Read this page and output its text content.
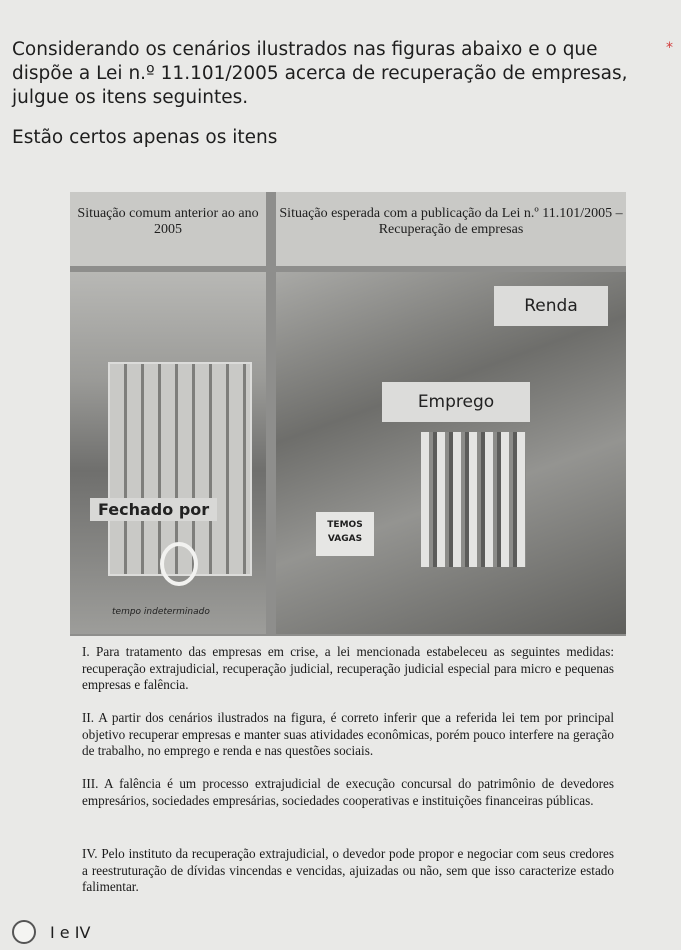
Considerando os cenários ilustrados nas figuras abaixo e o que dispõe a Lei n.º 11.101/2005 acerca de recuperação de empresas, julgue os itens seguintes.
*
Estão certos apenas os itens
Situação comum anterior ao ano 2005
Situação esperada com a publicação da Lei n.º 11.101/2005 – Recuperação de empresas
Fechado por
tempo indeterminado
Renda
Emprego
TEMOS VAGAS
I. Para tratamento das empresas em crise, a lei mencionada estabeleceu as seguintes medidas: recuperação extrajudicial, recuperação judicial, recuperação judicial especial para micro e pequenas empresas e falência.
II. A partir dos cenários ilustrados na figura, é correto inferir que a referida lei tem por principal objetivo recuperar empresas e manter suas atividades econômicas, porém pouco interfere na geração de trabalho, no emprego e renda e nas questões sociais.
III. A falência é um processo extrajudicial de execução concursal do patrimônio de devedores empresários, sociedades empresárias, sociedades cooperativas e instituições financeiras públicas.
IV. Pelo instituto da recuperação extrajudicial, o devedor pode propor e negociar com seus credores a reestruturação de dívidas vincendas e vencidas, ajuizadas ou não, sem que isso caracterize estado falimentar.
I e IV
